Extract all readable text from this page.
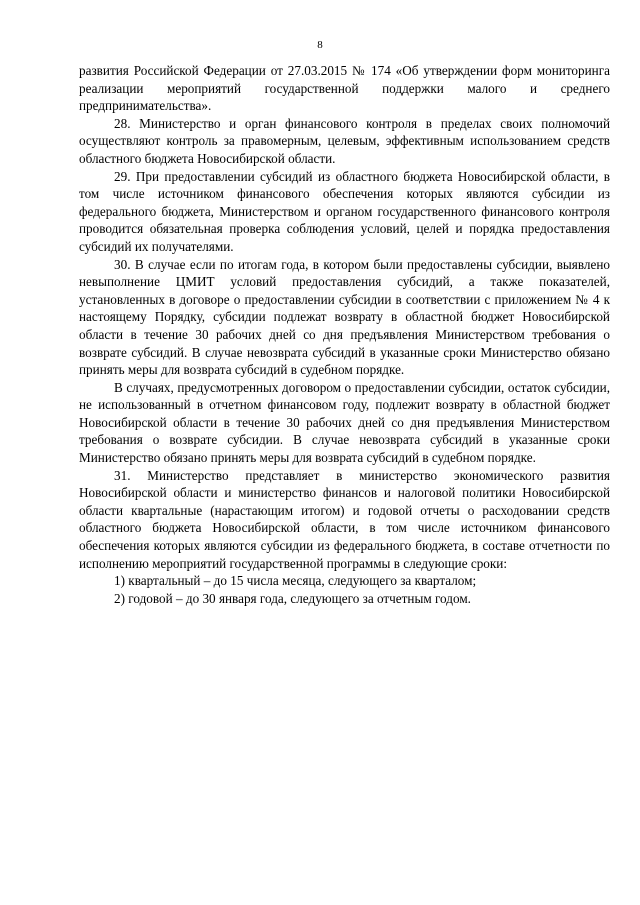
8

развития Российской Федерации от 27.03.2015 № 174 «Об утверждении форм мониторинга реализации мероприятий государственной поддержки малого и среднего предпринимательства».

28. Министерство и орган финансового контроля в пределах своих полномочий осуществляют контроль за правомерным, целевым, эффективным использованием средств областного бюджета Новосибирской области.

29. При предоставлении субсидий из областного бюджета Новосибирской области, в том числе источником финансового обеспечения которых являются субсидии из федерального бюджета, Министерством и органом государственного финансового контроля проводится обязательная проверка соблюдения условий, целей и порядка предоставления субсидий их получателями.

30. В случае если по итогам года, в котором были предоставлены субсидии, выявлено невыполнение ЦМИТ условий предоставления субсидий, а также показателей, установленных в договоре о предоставлении субсидии в соответствии с приложением № 4 к настоящему Порядку, субсидии подлежат возврату в областной бюджет Новосибирской области в течение 30 рабочих дней со дня предъявления Министерством требования о возврате субсидий. В случае невозврата субсидий в указанные сроки Министерство обязано принять меры для возврата субсидий в судебном порядке.

В случаях, предусмотренных договором о предоставлении субсидии, остаток субсидии, не использованный в отчетном финансовом году, подлежит возврату в областной бюджет Новосибирской области в течение 30 рабочих дней со дня предъявления Министерством требования о возврате субсидии. В случае невозврата субсидий в указанные сроки Министерство обязано принять меры для возврата субсидий в судебном порядке.

31. Министерство представляет в министерство экономического развития Новосибирской области и министерство финансов и налоговой политики Новосибирской области квартальные (нарастающим итогом) и годовой отчеты о расходовании средств областного бюджета Новосибирской области, в том числе источником финансового обеспечения которых являются субсидии из федерального бюджета, в составе отчетности по исполнению мероприятий государственной программы в следующие сроки:

1) квартальный – до 15 числа месяца, следующего за кварталом;

2) годовой – до 30 января года, следующего за отчетным годом.
